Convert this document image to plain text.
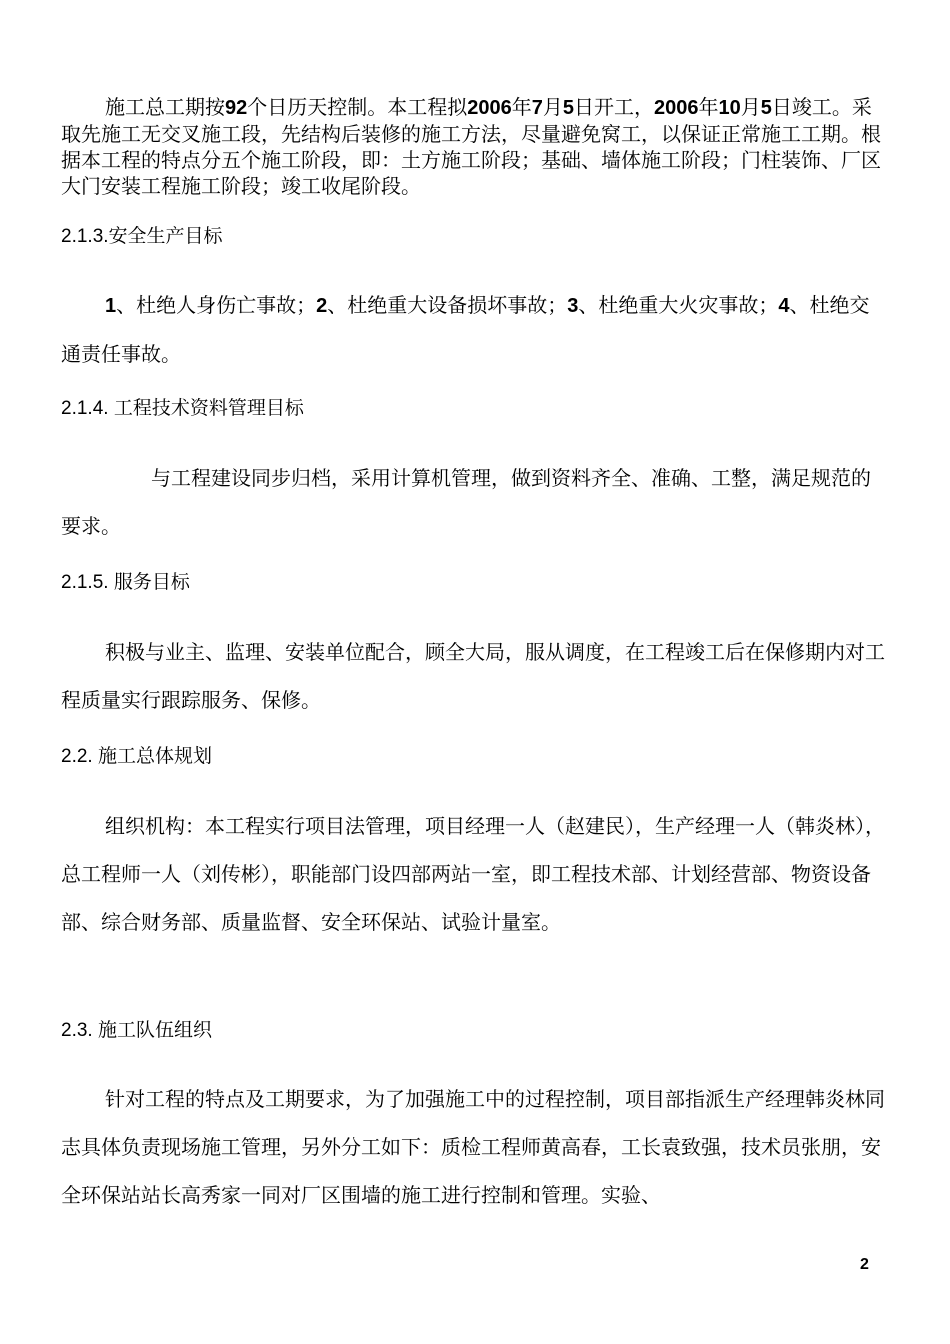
施工总工期按92个日历天控制。本工程拟2006年7月5日开工，2006年10月5日竣工。采取先施工无交叉施工段，先结构后装修的施工方法，尽量避免窝工，以保证正常施工工期。根据本工程的特点分五个施工阶段，即：土方施工阶段；基础、墙体施工阶段；门柱装饰、厂区大门安装工程施工阶段；竣工收尾阶段。

2.1.3.安全生产目标

1、杜绝人身伤亡事故；2、杜绝重大设备损坏事故；3、杜绝重大火灾事故；4、杜绝交通责任事故。

2.1.4. 工程技术资料管理目标

与工程建设同步归档，采用计算机管理，做到资料齐全、准确、工整，满足规范的要求。

2.1.5. 服务目标

积极与业主、监理、安装单位配合，顾全大局，服从调度，在工程竣工后在保修期内对工程质量实行跟踪服务、保修。

2.2. 施工总体规划

组织机构：本工程实行项目法管理，项目经理一人（赵建民），生产经理一人（韩炎林），总工程师一人（刘传彬），职能部门设四部两站一室，即工程技术部、计划经营部、物资设备部、综合财务部、质量监督、安全环保站、试验计量室。

2.3. 施工队伍组织

针对工程的特点及工期要求，为了加强施工中的过程控制，项目部指派生产经理韩炎林同志具体负责现场施工管理，另外分工如下：质检工程师黄高春，工长袁致强，技术员张朋，安全环保站站长高秀家一同对厂区围墙的施工进行控制和管理。实验、

2
